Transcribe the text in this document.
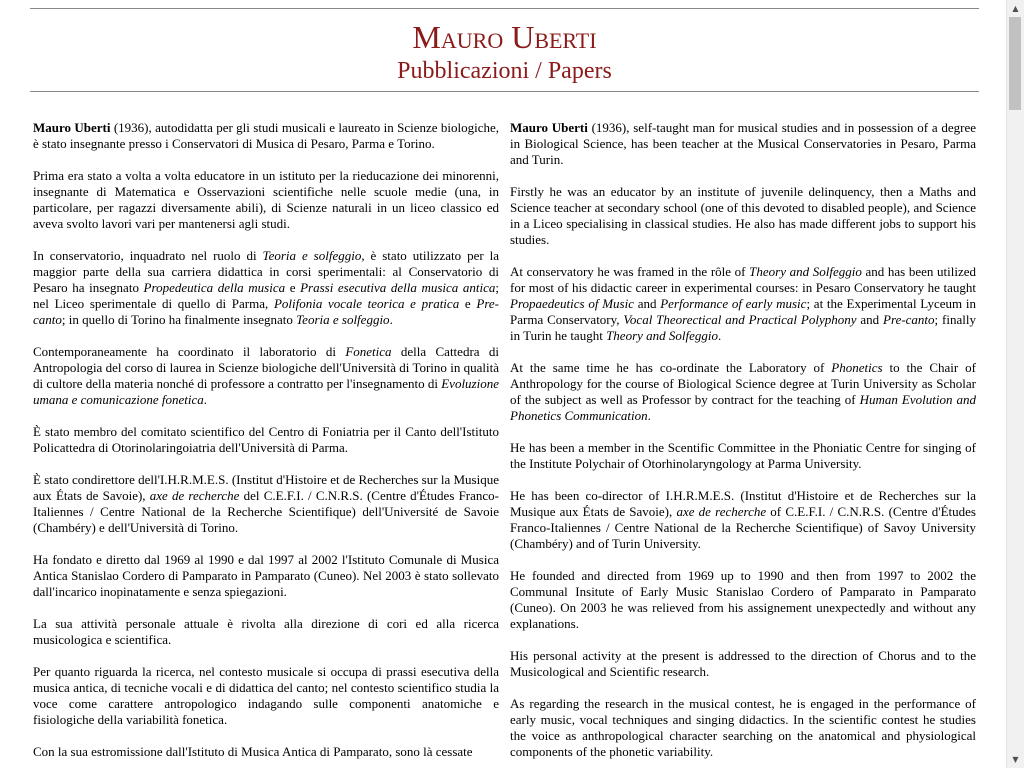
Mauro Uberti
Pubblicazioni / Papers

Mauro Uberti (1936), autodidatta per gli studi musicali e laureato in Scienze biologiche, è stato insegnante presso i Conservatori di Musica di Pesaro, Parma e Torino.

Prima era stato a volta a volta educatore in un istituto per la rieducazione dei minorenni, insegnante di Matematica e Osservazioni scientifiche nelle scuole medie (una, in particolare, per ragazzi diversamente abili), di Scienze naturali in un liceo classico ed aveva svolto lavori vari per mantenersi agli studi.

In conservatorio, inquadrato nel ruolo di Teoria e solfeggio, è stato utilizzato per la maggior parte della sua carriera didattica in corsi sperimentali: al Conservatorio di Pesaro ha insegnato Propedeutica della musica e Prassi esecutiva della musica antica; nel Liceo sperimentale di quello di Parma, Polifonia vocale teorica e pratica e Pre-canto; in quello di Torino ha finalmente insegnato Teoria e solfeggio.

Contemporaneamente ha coordinato il laboratorio di Fonetica della Cattedra di Antropologia del corso di laurea in Scienze biologiche dell'Università di Torino in qualità di cultore della materia nonché di professore a contratto per l'insegnamento di Evoluzione umana e comunicazione fonetica.

È stato membro del comitato scientifico del Centro di Foniatria per il Canto dell'Istituto Policattedra di Otorinolaringoiatria dell'Università di Parma.

È stato condirettore dell'I.H.R.M.E.S. (Institut d'Histoire et de Recherches sur la Musique aux États de Savoie), axe de recherche del C.E.F.I. / C.N.R.S. (Centre d'Études Franco-Italiennes / Centre National de la Recherche Scientifique) dell'Université de Savoie (Chambéry) e dell'Università di Torino.

Ha fondato e diretto dal 1969 al 1990 e dal 1997 al 2002 l'Istituto Comunale di Musica Antica Stanislao Cordero di Pamparato in Pamparato (Cuneo). Nel 2003 è stato sollevato dall'incarico inopinatamente e senza spiegazioni.

La sua attività personale attuale è rivolta alla direzione di cori ed alla ricerca musicologica e scientifica.

Per quanto riguarda la ricerca, nel contesto musicale si occupa di prassi esecutiva della musica antica, di tecniche vocali e di didattica del canto; nel contesto scientifico studia la voce come carattere antropologico indagando sulle componenti anatomiche e fisiologiche della variabilità fonetica.

Con la sua estromissione dall'Istituto di Musica Antica di Pamparato, sono là cessate

Mauro Uberti (1936), self-taught man for musical studies and in possession of a degree in Biological Science, has been teacher at the Musical Conservatories in Pesaro, Parma and Turin.

Firstly he was an educator by an institute of juvenile delinquency, then a Maths and Science teacher at secondary school (one of this devoted to disabled people), and Science in a Liceo specialising in classical studies. He also has made different jobs to support his studies.

At conservatory he was framed in the rôle of Theory and Solfeggio and has been utilized for most of his didactic career in experimental courses: in Pesaro Conservatory he taught Propaedeutics of Music and Performance of early music; at the Experimental Lyceum in Parma Conservatory, Vocal Theorectical and Practical Polyphony and Pre-canto; finally in Turin he taught Theory and Solfeggio.

At the same time he has co-ordinate the Laboratory of Phonetics to the Chair of Anthropology for the course of Biological Science degree at Turin University as Scholar of the subject as well as Professor by contract for the teaching of Human Evolution and Phonetics Communication.

He has been a member in the Scentific Committee in the Phoniatic Centre for singing of the Institute Polychair of Otorhinolaryngology at Parma University.

He has been co-director of I.H.R.M.E.S. (Institut d'Histoire et de Recherches sur la Musique aux États de Savoie), axe de recherche of C.E.F.I. / C.N.R.S. (Centre d'Études Franco-Italiennes / Centre National de la Recherche Scientifique) of Savoy University (Chambéry) and of Turin University.

He founded and directed from 1969 up to 1990 and then from 1997 to 2002 the Communal Insitute of Early Music Stanislao Cordero of Pamparato in Pamparato (Cuneo). On 2003 he was relieved from his assignement unexpectedly and without any explanations.

His personal activity at the present is addressed to the direction of Chorus and to the Musicological and Scientific research.

As regarding the research in the musical contest, he is engaged in the performance of early music, vocal techniques and singing didactics. In the scientific contest he studies the voice as anthropological character searching on the anatomical and physiological components of the phonetic variability.

▲
▼
